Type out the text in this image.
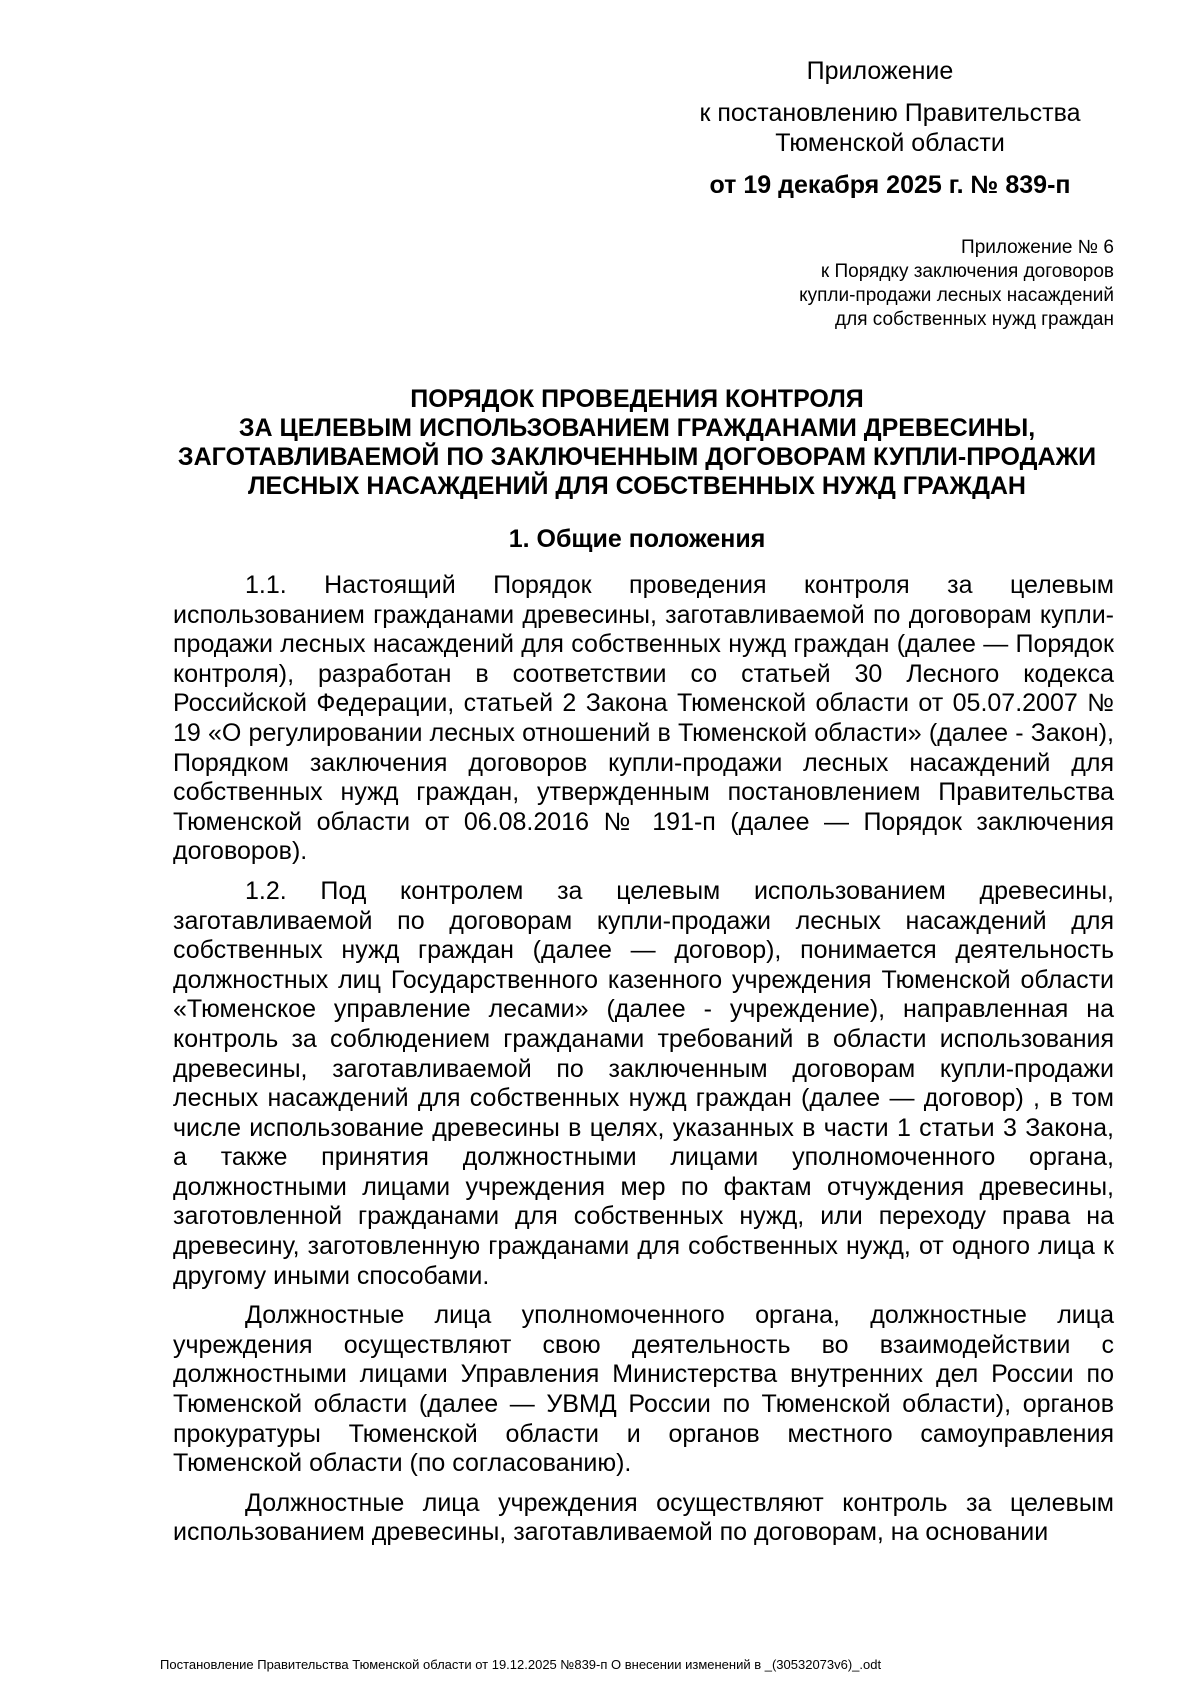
Приложение
к постановлению Правительства
Тюменской области
от 19 декабря 2025 г. № 839-п
Приложение № 6
к Порядку заключения договоров
купли-продажи лесных насаждений
для собственных нужд граждан
ПОРЯДОК ПРОВЕДЕНИЯ КОНТРОЛЯ
ЗА ЦЕЛЕВЫМ ИСПОЛЬЗОВАНИЕМ ГРАЖДАНАМИ ДРЕВЕСИНЫ,
ЗАГОТАВЛИВАЕМОЙ ПО ЗАКЛЮЧЕННЫМ ДОГОВОРАМ КУПЛИ-ПРОДАЖИ
ЛЕСНЫХ НАСАЖДЕНИЙ ДЛЯ СОБСТВЕННЫХ НУЖД ГРАЖДАН
1. Общие положения

1.1. Настоящий Порядок проведения контроля за целевым использованием гражданами древесины, заготавливаемой по договорам купли-продажи лесных насаждений для собственных нужд граждан (далее — Порядок контроля), разработан в соответствии со статьей 30 Лесного кодекса Российской Федерации, статьей 2 Закона Тюменской области от 05.07.2007 № 19 «О регулировании лесных отношений в Тюменской области» (далее - Закон), Порядком заключения договоров купли-продажи лесных насаждений для собственных нужд граждан, утвержденным постановлением Правительства Тюменской области от 06.08.2016 № 191-п (далее — Порядок заключения договоров).

1.2. Под контролем за целевым использованием древесины, заготавливаемой по договорам купли-продажи лесных насаждений для собственных нужд граждан (далее — договор), понимается деятельность должностных лиц Государственного казенного учреждения Тюменской области «Тюменское управление лесами» (далее - учреждение), направленная на контроль за соблюдением гражданами требований в области использования древесины, заготавливаемой по заключенным договорам купли-продажи лесных насаждений для собственных нужд граждан (далее — договор) , в том числе использование древесины в целях, указанных в части 1 статьи 3 Закона, а также принятия должностными лицами уполномоченного органа, должностными лицами учреждения мер по фактам отчуждения древесины, заготовленной гражданами для собственных нужд, или переходу права на древесину, заготовленную гражданами для собственных нужд, от одного лица к другому иными способами.

Должностные лица уполномоченного органа, должностные лица учреждения осуществляют свою деятельность во взаимодействии с должностными лицами Управления Министерства внутренних дел России по Тюменской области (далее — УВМД России по Тюменской области), органов прокуратуры Тюменской области и органов местного самоуправления Тюменской области (по согласованию).

Должностные лица учреждения осуществляют контроль за целевым использованием древесины, заготавливаемой по договорам, на основании

Постановление Правительства Тюменской области от 19.12.2025 №839-п О внесении изменений в _(30532073v6)_.odt
